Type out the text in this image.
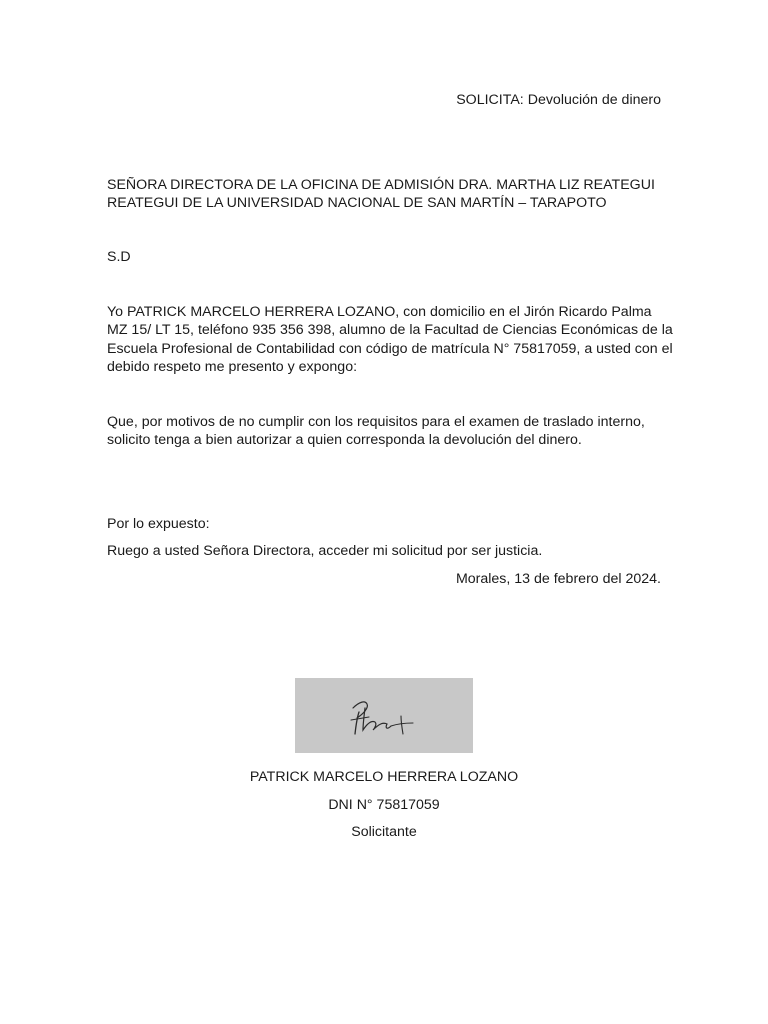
SOLICITA: Devolución de dinero

SEÑORA DIRECTORA DE LA OFICINA DE ADMISIÓN DRA. MARTHA LIZ REATEGUI

REATEGUI DE LA UNIVERSIDAD NACIONAL DE SAN MARTÍN – TARAPOTO

S.D

Yo PATRICK MARCELO HERRERA LOZANO, con domicilio en el Jirón Ricardo Palma

MZ 15/ LT 15, teléfono 935 356 398, alumno de la Facultad de Ciencias Económicas de la

Escuela Profesional de Contabilidad con código de matrícula N° 75817059, a usted con el

debido respeto me presento y expongo:

Que, por motivos de no cumplir con los requisitos para el examen de traslado interno,

solicito tenga a bien autorizar a quien corresponda la devolución del dinero.

Por lo expuesto:
Ruego a usted Señora Directora, acceder mi solicitud por ser justicia.
Morales, 13 de febrero del 2024.
PATRICK MARCELO HERRERA LOZANO
DNI N° 75817059
Solicitante
